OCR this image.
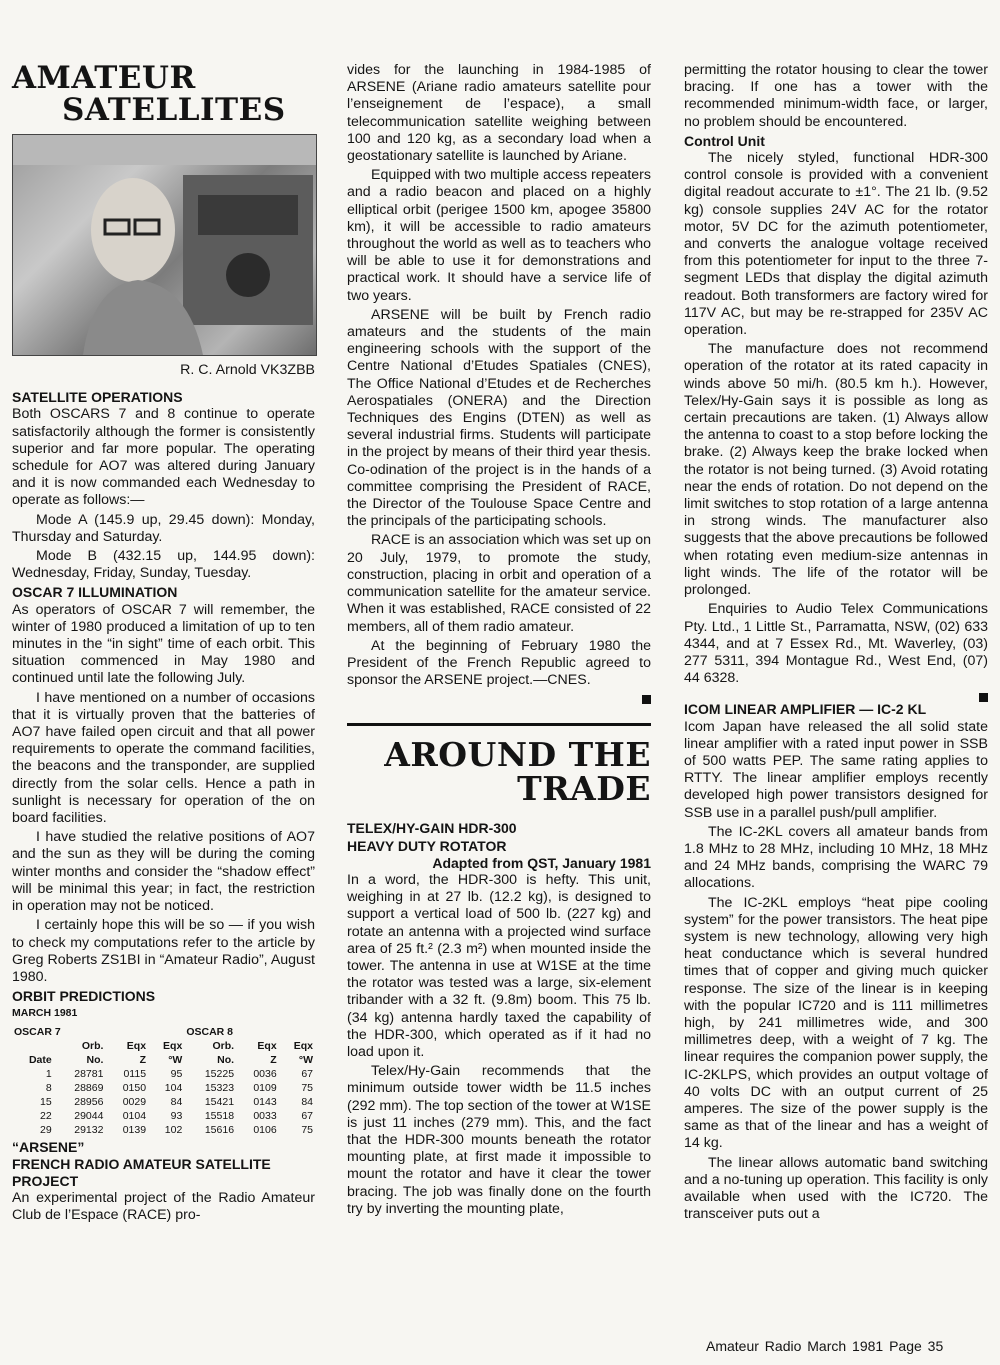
AMATEUR
SATELLITES
R. C. Arnold VK3ZBB
SATELLITE OPERATIONS

Both OSCARS 7 and 8 continue to operate satisfactorily although the former is consistently superior and far more popular. The operating schedule for AO7 was altered during January and it is now commanded each Wednesday to operate as follows:—

Mode A (145.9 up, 29.45 down): Monday, Thursday and Saturday.

Mode B (432.15 up, 144.95 down): Wednesday, Friday, Sunday, Tuesday.

OSCAR 7 ILLUMINATION

As operators of OSCAR 7 will remember, the winter of 1980 produced a limitation of up to ten minutes in the “in sight” time of each orbit. This situation commenced in May 1980 and continued until late the following July.

I have mentioned on a number of occasions that it is virtually proven that the batteries of AO7 have failed open circuit and that all power requirements to operate the command facilities, the beacons and the transponder, are supplied directly from the solar cells. Hence a path in sunlight is necessary for operation of the on board facilities.

I have studied the relative positions of AO7 and the sun as they will be during the coming winter months and consider the “shadow effect” will be minimal this year; in fact, the restriction in operation may not be noticed.

I certainly hope this will be so — if you wish to check my computations refer to the article by Greg Roberts ZS1BI in “Amateur Radio”, August 1980.

ORBIT PREDICTIONS
MARCH 1981
OSCAR 7				OSCAR 8		
	Orb.	Eqx	Eqx	Orb.	Eqx	Eqx
Date	No.	Z	°W	No.	Z	°W
1	28781	0115	95	15225	0036	67
8	28869	0150	104	15323	0109	75
15	28956	0029	84	15421	0143	84
22	29044	0104	93	15518	0033	67
29	29132	0139	102	15616	0106	75
“ARSENE”
FRENCH RADIO AMATEUR SATELLITE PROJECT

An experimental project of the Radio Amateur Club de l’Espace (RACE) pro-

vides for the launching in 1984-1985 of ARSENE (Ariane radio amateurs satellite pour l’enseignement de l’espace), a small telecommunication satellite weighing between 100 and 120 kg, as a secondary load when a geostationary satellite is launched by Ariane.

Equipped with two multiple access repeaters and a radio beacon and placed on a highly elliptical orbit (perigee 1500 km, apogee 35800 km), it will be accessible to radio amateurs throughout the world as well as to teachers who will be able to use it for demonstrations and practical work. It should have a service life of two years.

ARSENE will be built by French radio amateurs and the students of the main engineering schools with the support of the Centre National d’Etudes Spatiales (CNES), The Office National d’Etudes et de Recherches Aerospatiales (ONERA) and the Direction Techniques des Engins (DTEN) as well as several industrial firms. Students will participate in the project by means of their third year thesis. Co-odination of the project is in the hands of a committee comprising the President of RACE, the Director of the Toulouse Space Centre and the principals of the participating schools.

RACE is an association which was set up on 20 July, 1979, to promote the study, construction, placing in orbit and operation of a communication satellite for the amateur service. When it was established, RACE consisted of 22 members, all of them radio amateur.

At the beginning of February 1980 the President of the French Republic agreed to sponsor the ARSENE project.—CNES.

AROUND THE
TRADE
TELEX/HY-GAIN HDR-300
HEAVY DUTY ROTATOR
Adapted from QST, January 1981

In a word, the HDR-300 is hefty. This unit, weighing in at 27 lb. (12.2 kg), is designed to support a vertical load of 500 lb. (227 kg) and rotate an antenna with a projected wind surface area of 25 ft.² (2.3 m²) when mounted inside the tower. The antenna in use at W1SE at the time the rotator was tested was a large, six-element tribander with a 32 ft. (9.8m) boom. This 75 lb. (34 kg) antenna hardly taxed the capability of the HDR-300, which operated as if it had no load upon it.

Telex/Hy-Gain recommends that the minimum outside tower width be 11.5 inches (292 mm). The top section of the tower at W1SE is just 11 inches (279 mm). This, and the fact that the HDR-300 mounts beneath the rotator mounting plate, at first made it impossible to mount the rotator and have it clear the tower bracing. The job was finally done on the fourth try by inverting the mounting plate,

permitting the rotator housing to clear the tower bracing. If one has a tower with the recommended minimum-width face, or larger, no problem should be encountered.

Control Unit

The nicely styled, functional HDR-300 control console is provided with a convenient digital readout accurate to ±1°. The 21 lb. (9.52 kg) console supplies 24V AC for the rotator motor, 5V DC for the azimuth potentiometer, and converts the analogue voltage received from this potentiometer for input to the three 7-segment LEDs that display the digital azimuth readout. Both transformers are factory wired for 117V AC, but may be re-strapped for 235V AC operation.

The manufacture does not recommend operation of the rotator at its rated capacity in winds above 50 mi/h. (80.5 km h.). However, Telex/Hy-Gain says it is possible as long as certain precautions are taken. (1) Always allow the antenna to coast to a stop before locking the brake. (2) Always keep the brake locked when the rotator is not being turned. (3) Avoid rotating near the ends of rotation. Do not depend on the limit switches to stop rotation of a large antenna in strong winds. The manufacturer also suggests that the above precautions be followed when rotating even medium-size antennas in light winds. The life of the rotator will be prolonged.

Enquiries to Audio Telex Communications Pty. Ltd., 1 Little St., Parramatta, NSW, (02) 633 4344, and at 7 Essex Rd., Mt. Waverley, (03) 277 5311, 394 Montague Rd., West End, (07) 44 6328.

ICOM LINEAR AMPLIFIER — IC-2 KL

Icom Japan have released the all solid state linear amplifier with a rated input power in SSB of 500 watts PEP. The same rating applies to RTTY. The linear amplifier employs recently developed high power transistors designed for SSB use in a parallel push/pull amplifier.

The IC-2KL covers all amateur bands from 1.8 MHz to 28 MHz, including 10 MHz, 18 MHz and 24 MHz bands, comprising the WARC 79 allocations.

The IC-2KL employs “heat pipe cooling system” for the power transistors. The heat pipe system is new technology, allowing very high heat conductance which is several hundred times that of copper and giving much quicker response. The size of the linear is in keeping with the popular IC720 and is 111 millimetres high, by 241 millimetres wide, and 300 millimetres deep, with a weight of 7 kg. The linear requires the companion power supply, the IC-2KLPS, which provides an output voltage of 40 volts DC with an output current of 25 amperes. The size of the power supply is the same as that of the linear and has a weight of 14 kg.

The linear allows automatic band switching and a no-tuning up operation. This facility is only available when used with the IC720. The transceiver puts out a

Amateur Radio March 1981 Page 35
